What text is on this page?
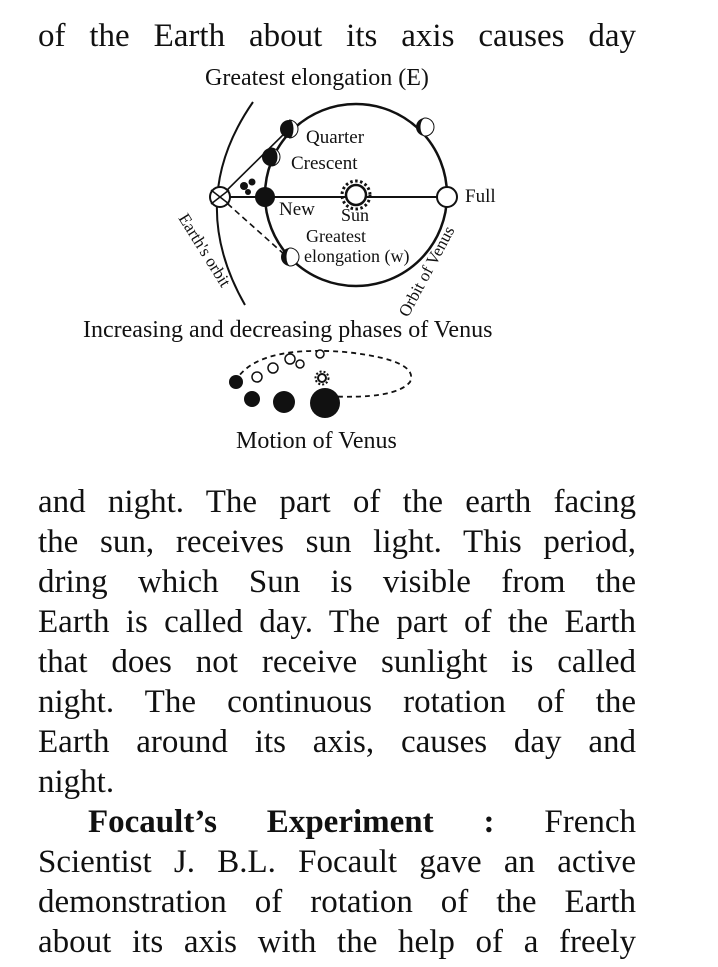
of the Earth about its axis causes day
Greatest elongation (E)
Quarter
Crescent
New Sun
Full
Greatest
elongation (w)
Earth's orbit	Orbit of Venus
Increasing and decreasing phases of Venus
Motion of Venus
and night. The part of the earth facing
the sun, receives sun light. This period,
dring which Sun is visible from the
Earth is called day. The part of the Earth
that does not receive sunlight is called
night. The continuous rotation of the
Earth around its axis, causes day and
night.
Focault’s Experiment : French
Scientist J. B.L. Focault gave an active
demonstration of rotation of the Earth
about its axis with the help of a freely
